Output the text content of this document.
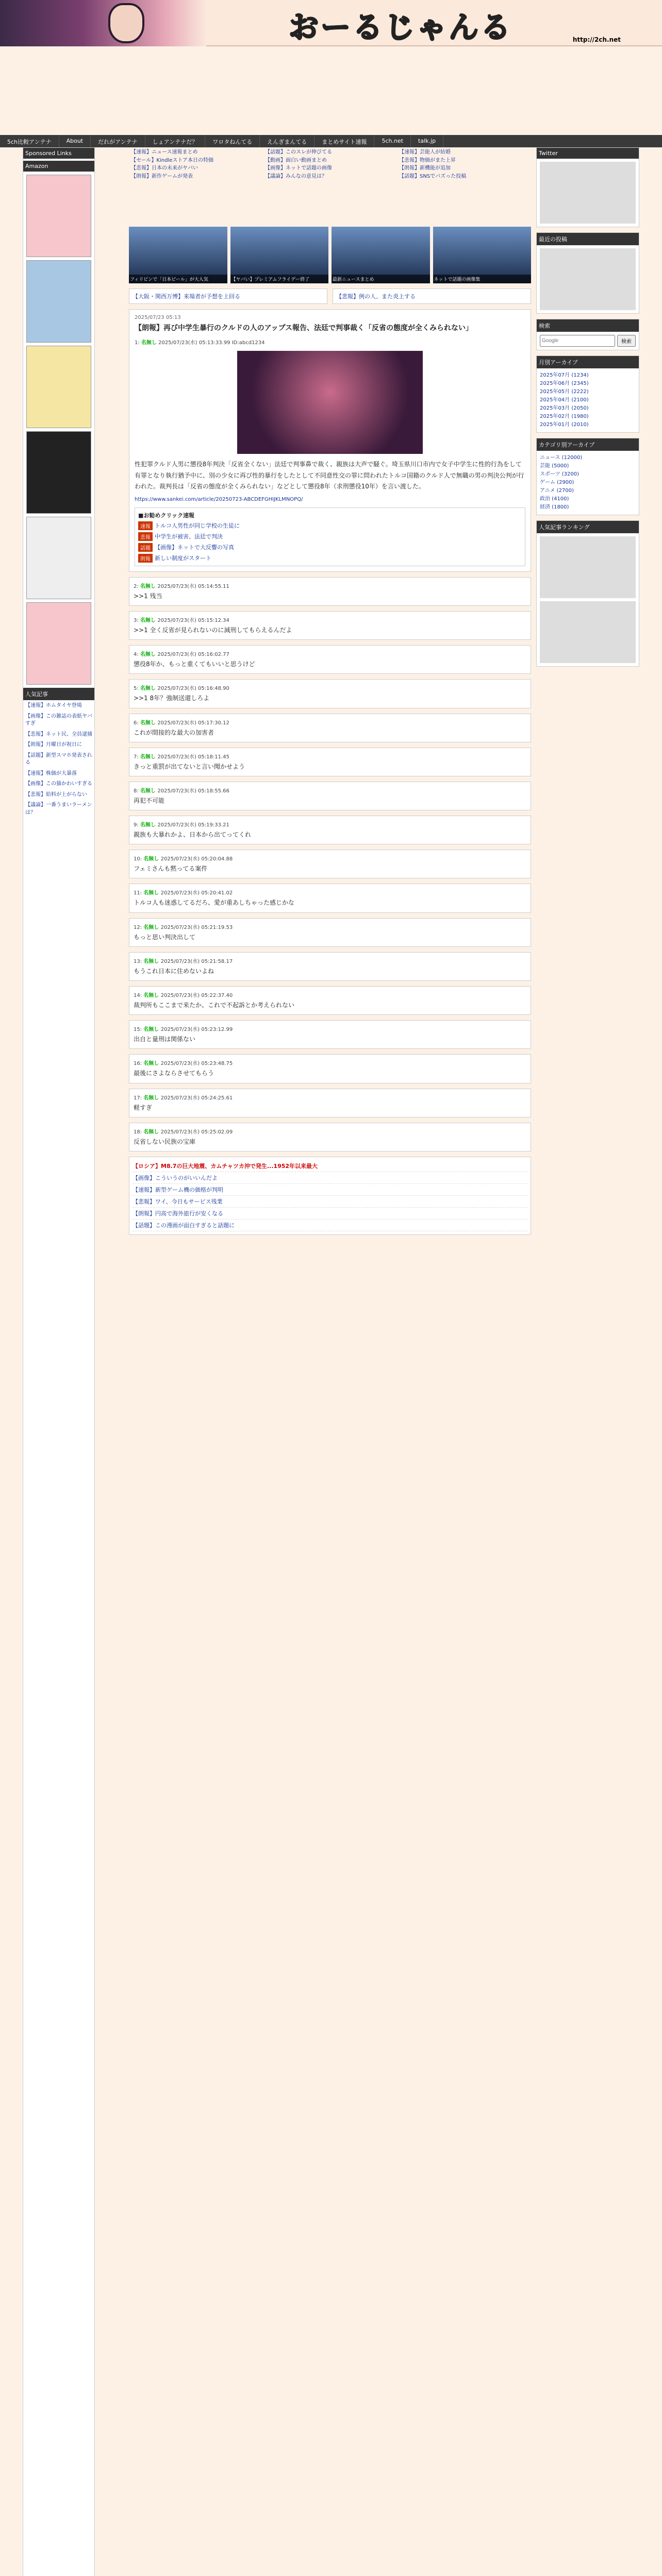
おーるじゃんる	http://2ch.net
5ch比較アンテナ	About	だれがアンテナ	しょアンテナだ？	ワロタねんてる	えんぎまんてる	まとめサイト速報	5ch.net	talk.jp
Sponsored Links
Amazon
人気記事
【速報】ホムタイヤ登場
【画像】この雑誌の表紙ヤバすぎ
【悲報】ネット民、全員逮捕
【朗報】月曜日が祝日に
【話題】新型スマホ発表される
【速報】株価が大暴落
【画像】この猫かわいすぎる
【悲報】給料が上がらない
【議論】一番うまいラーメンは？
【速報】ニュース速報まとめ
【セール】Kindleストア本日の特価
【悲報】日本の未来がヤバい
【朗報】新作ゲームが発表
【話題】このスレが伸びてる
【動画】面白い動画まとめ
【画像】ネットで話題の画像
【議論】みんなの意見は？
【速報】芸能人が結婚
【悲報】物価がまた上昇
【朗報】新機能が追加
【話題】SNSでバズった投稿
フィリピンで「日本ピール」が大人気	【ヤバい】プレミアムフライデー終了	最新ニュースまとめ	ネットで話題の画像集
【大阪・関西万博】来場者が予想を上回る	【悲報】例の人、また炎上する
2025/07/23 05:13
【朗報】再び中学生暴行のクルドの人のアップス報告、法廷で判事裁く「反省の態度が全くみられない」
1: 名無し 2025/07/23(水) 05:13:33.99 ID:abcd1234
性犯罪クルド人男に懲役8年判決「反省全くない」法廷で判事鼻で裁く、親族は大声で騒ぐ。埼玉県川口市内で女子中学生に性的行為をして有罪となり執行猶予中に、別の少女に再び性的暴行をしたとして不同意性交の罪に問われたトルコ国籍のクルド人で無職の男の判決公判が行われた。裁判長は「反省の態度が全くみられない」などとして懲役8年（求刑懲役10年）を言い渡した。
https://www.sankei.com/article/20250723-ABCDEFGHIJKLMNOPQ/
■お勧めクリック速報
速報 トルコ人男性が同じ学校の生徒に
悲報 中学生が被害、法廷で判決
話題 【画像】ネットで大反響の写真
朗報 新しい制度がスタート
2: 名無し 2025/07/23(水) 05:14:55.11
>>1 残当
3: 名無し 2025/07/23(水) 05:15:12.34
>>1 全く反省が見られないのに減刑してもらえるんだよ
4: 名無し 2025/07/23(水) 05:16:02.77
懲役8年か、もっと重くてもいいと思うけど
5: 名無し 2025/07/23(水) 05:16:48.90
>>1 8年？強制送還しろよ
6: 名無し 2025/07/23(水) 05:17:30.12
これが間接的な最大の加害者
7: 名無し 2025/07/23(水) 05:18:11.45
きっと重罰が出てないと言い聞かせよう
8: 名無し 2025/07/23(水) 05:18:55.66
再犯不可能
9: 名無し 2025/07/23(水) 05:19:33.21
親族も大暴れかよ、日本から出てってくれ
10: 名無し 2025/07/23(水) 05:20:04.88
フェミさんも黙ってる案件
11: 名無し 2025/07/23(水) 05:20:41.02
トルコ人も迷惑してるだろ、愛が重あしちゃった感じかな
12: 名無し 2025/07/23(水) 05:21:19.53
もっと思い判決出して
13: 名無し 2025/07/23(水) 05:21:58.17
もうこれ日本に住めないよね
14: 名無し 2025/07/23(水) 05:22:37.40
裁判所もここまで来たか、これで不起訴とか考えられない
15: 名無し 2025/07/23(水) 05:23:12.99
出自と量刑は関係ない
16: 名無し 2025/07/23(水) 05:23:48.75
最後にさよならさせてもらう
17: 名無し 2025/07/23(水) 05:24:25.61
軽すぎ
18: 名無し 2025/07/23(水) 05:25:02.09
反省しない民族の宝庫
【ロシア】M8.7の巨大地震、カムチャツカ沖で発生...1952年以来最大
【画像】こういうのがいいんだよ
【速報】新型ゲーム機の価格が判明
【悲報】ワイ、今日もサービス残業
【朗報】円高で海外旅行が安くなる
【話題】この漫画が面白すぎると話題に
Twitter
最近の投稿
検索
Google
検索
月別アーカイブ
2025年07月 (1234)
2025年06月 (2345)
2025年05月 (2222)
2025年04月 (2100)
2025年03月 (2050)
2025年02月 (1980)
2025年01月 (2010)
カテゴリ別アーカイブ
ニュース (12000)
芸能 (5000)
スポーツ (3200)
ゲーム (2900)
アニメ (2700)
政治 (4100)
経済 (1800)
人気記事ランキング
